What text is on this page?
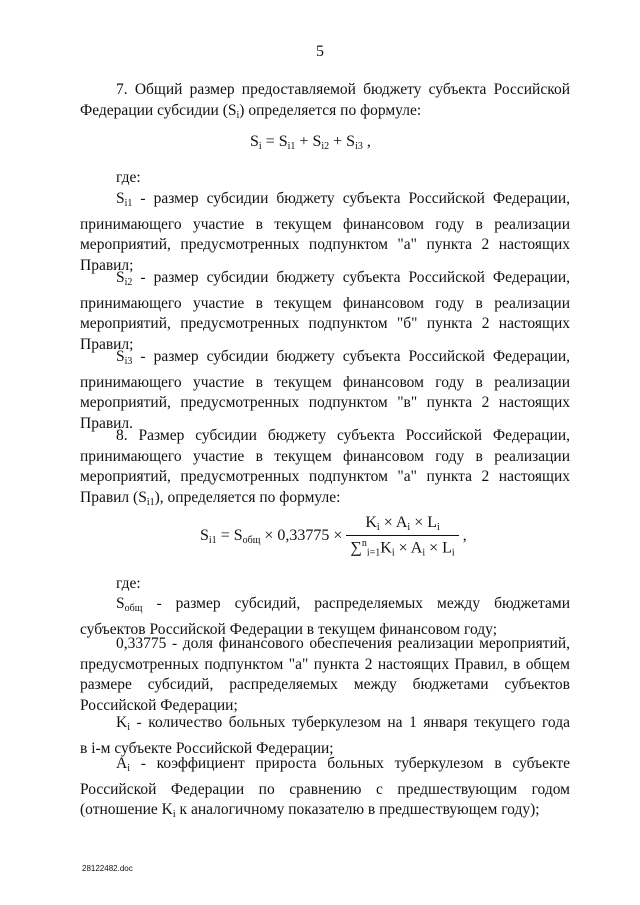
5
7. Общий размер предоставляемой бюджету субъекта Российской
Федерации субсидии $(S_i)$ определяется по формуле:
$S_i = S_{i1} + S_{i2} + S_{i3}$ ,
где:
$S_{i1}$ - размер субсидии бюджету субъекта Российской Федерации,
принимающего участие в текущем финансовом году в реализации
мероприятий, предусмотренных подпунктом "а" пункта 2 настоящих
Правил;
$S_{i2}$ - размер субсидии бюджету субъекта Российской Федерации,
принимающего участие в текущем финансовом году в реализации
мероприятий, предусмотренных подпунктом "б" пункта 2 настоящих
Правил;
$S_{i3}$ - размер субсидии бюджету субъекта Российской Федерации,
принимающего участие в текущем финансовом году в реализации
мероприятий, предусмотренных подпунктом "в" пункта 2 настоящих
Правил.
8. Размер субсидии бюджету субъекта Российской Федерации,
принимающего участие в текущем финансовом году в реализации
мероприятий, предусмотренных подпунктом "а" пункта 2 настоящих
Правил $(S_{i1})$, определяется по формуле:
$S_{i1} = S_{общ} \times 0,33775 \times \frac{K_i \times A_i \times L_i}{\sum^n_{i=1}K_i \times A_i \times L_i}$ ,
где:
$S_{общ}$ - размер субсидий, распределяемых между бюджетами
субъектов Российской Федерации в текущем финансовом году;
0,33775 - доля финансового обеспечения реализации мероприятий,
предусмотренных подпунктом "а" пункта 2 настоящих Правил, в общем
размере субсидий, распределяемых между бюджетами субъектов
Российской Федерации;
$K_i$ - количество больных туберкулезом на 1 января текущего года
в i-м субъекте Российской Федерации;
$A_i$ - коэффициент прироста больных туберкулезом в субъекте
Российской Федерации по сравнению с предшествующим годом
(отношение $K_i$ к аналогичному показателю в предшествующем году);
28122482.doc
